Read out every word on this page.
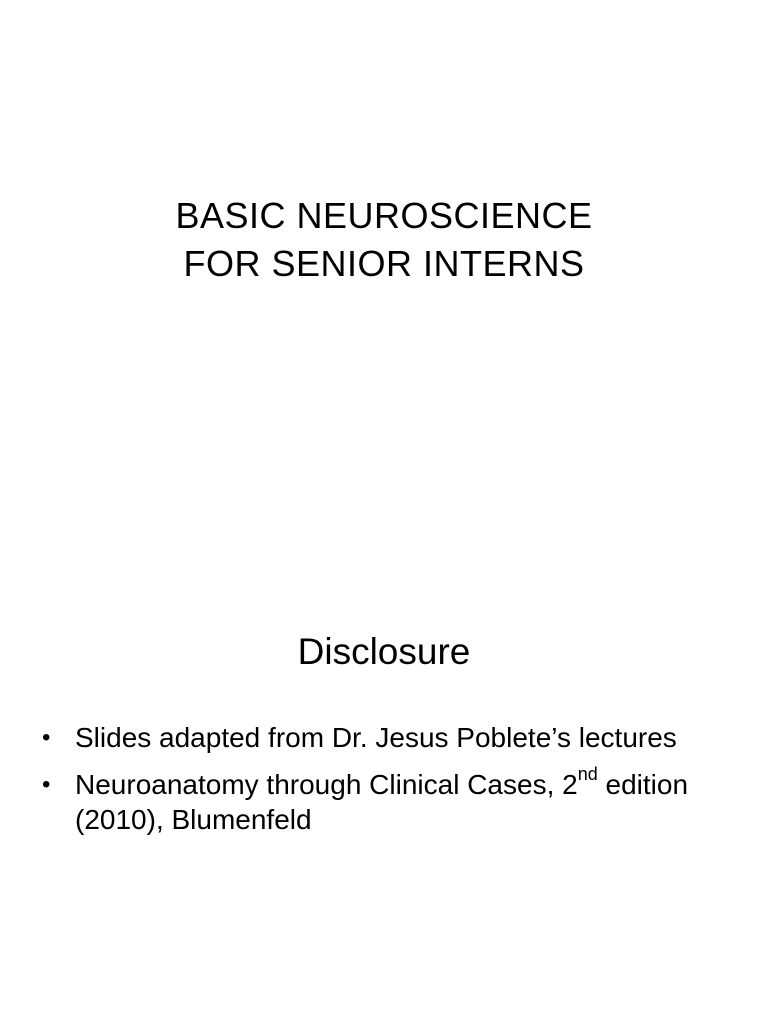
BASIC NEUROSCIENCE
FOR SENIOR INTERNS
Disclosure
• Slides adapted from Dr. Jesus Poblete’s lectures
• Neuroanatomy through Clinical Cases, 2nd edition (2010), Blumenfeld
